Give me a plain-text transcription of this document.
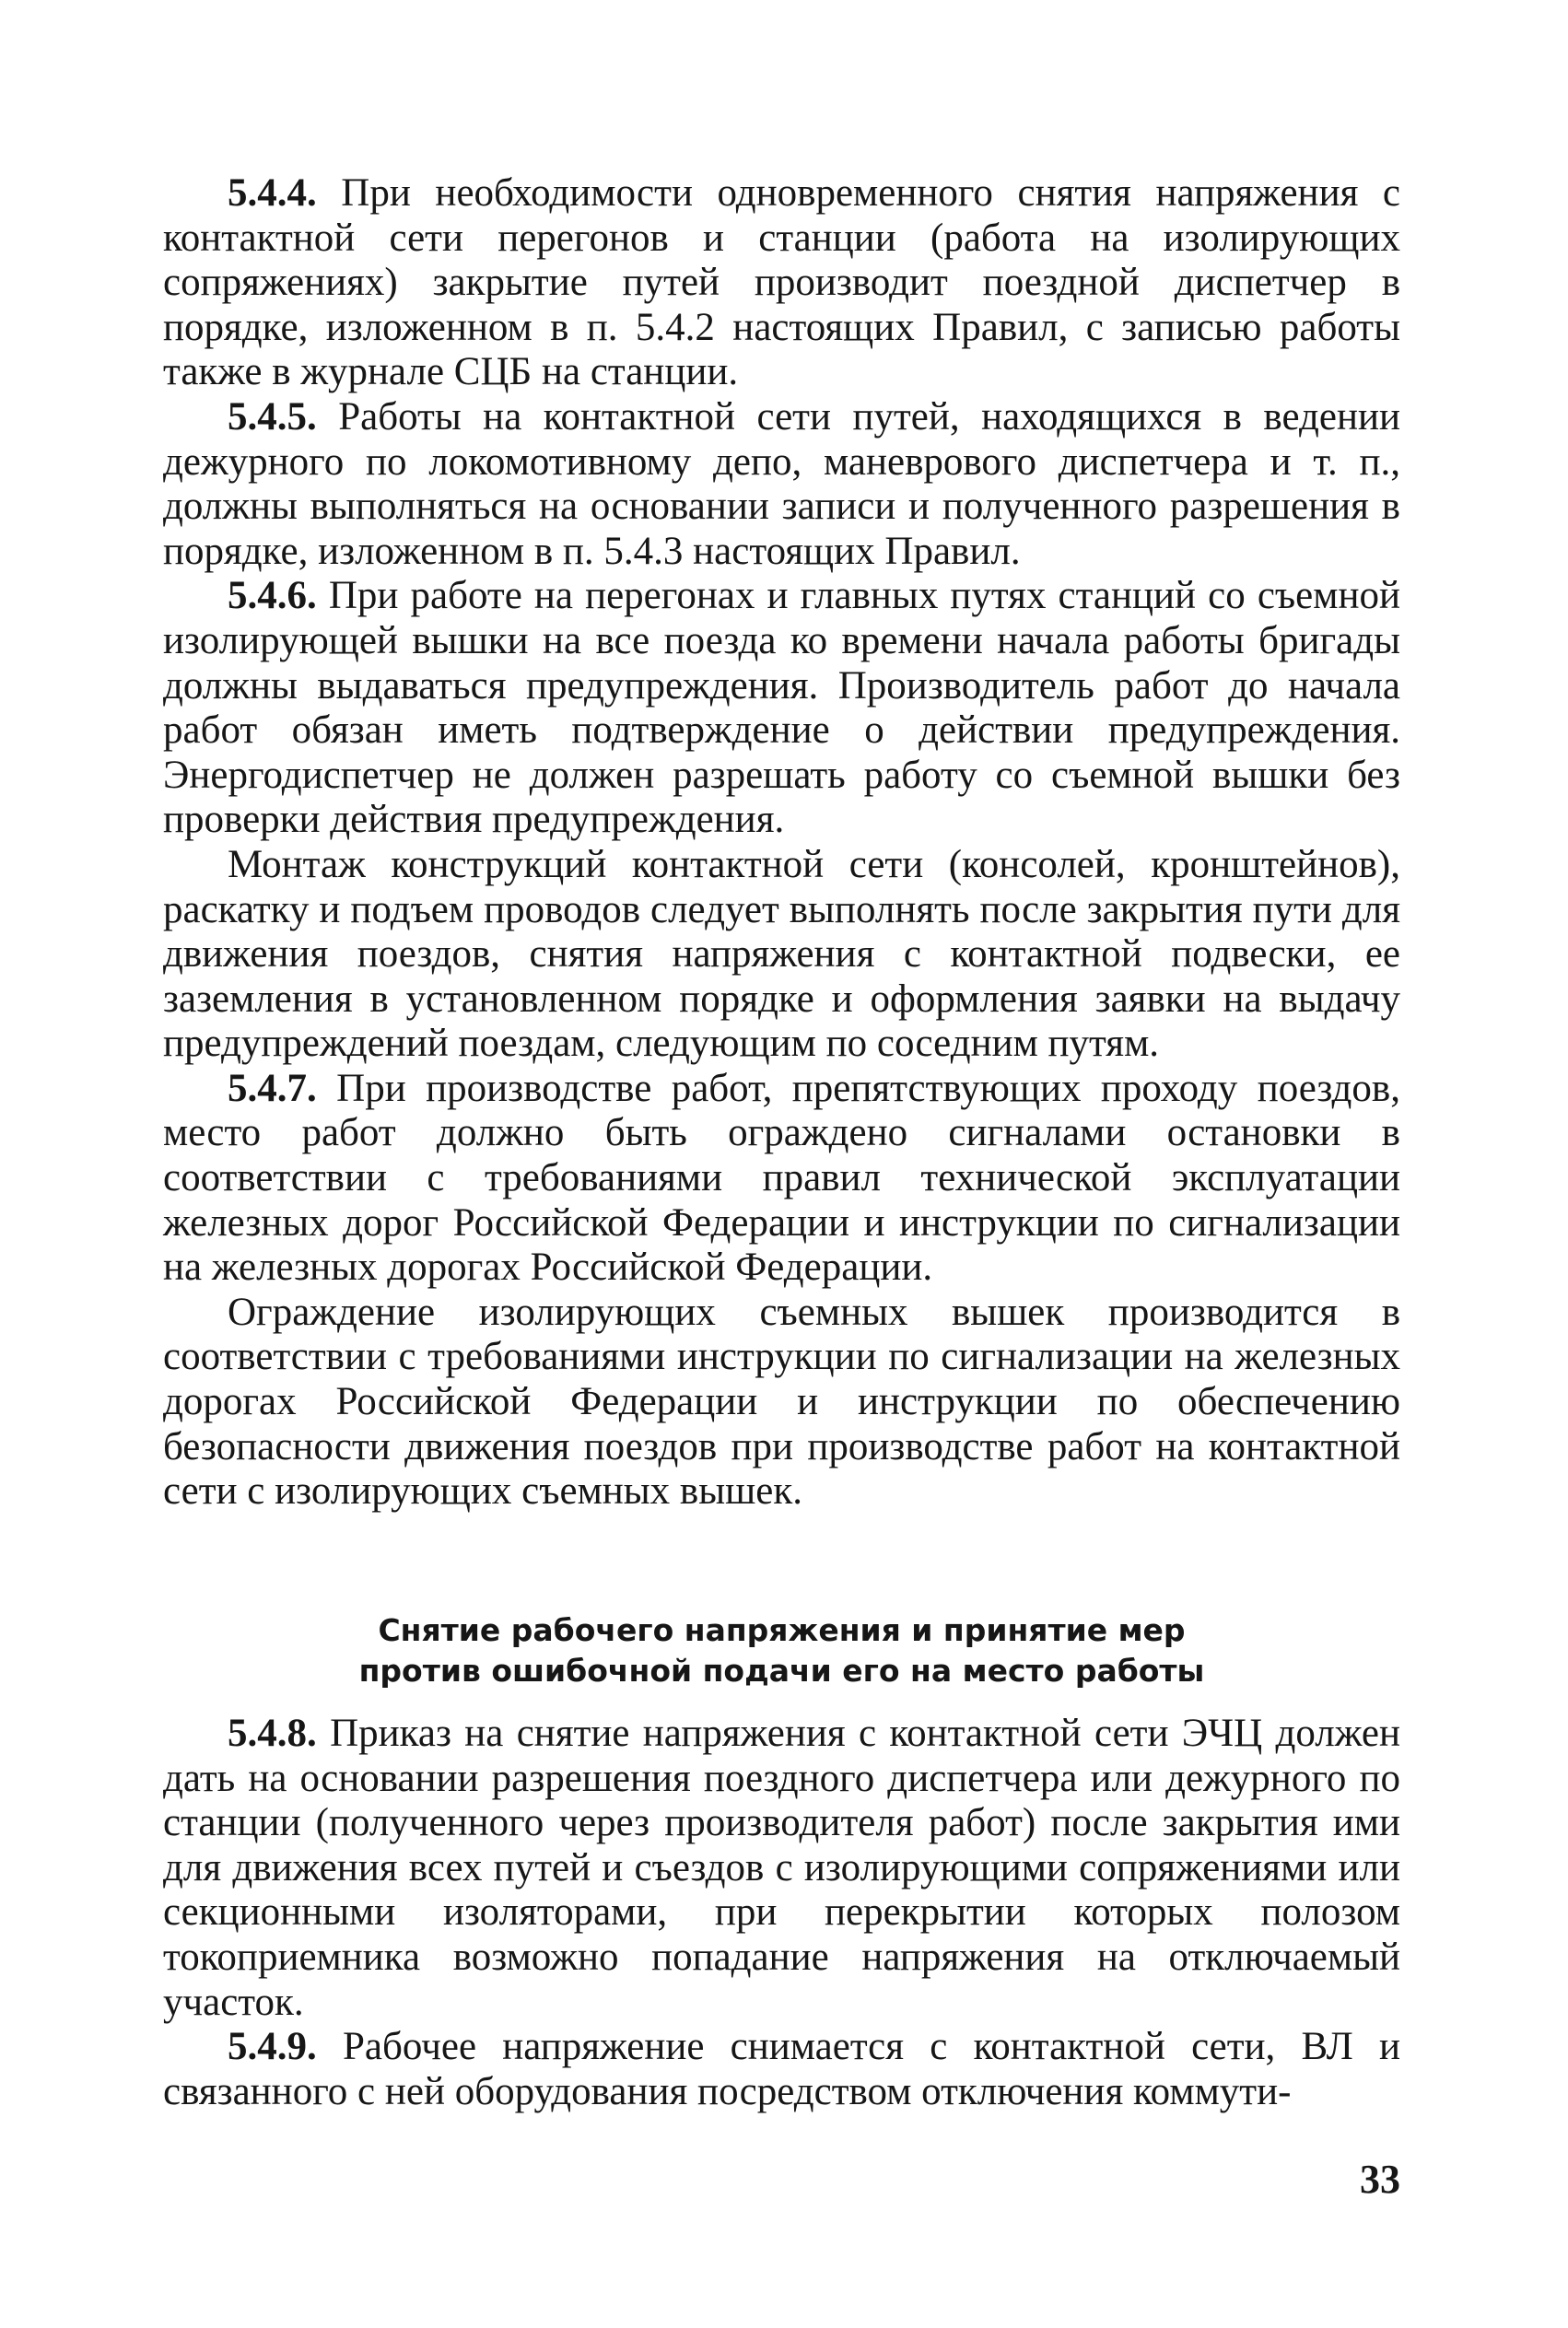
5.4.4. При необходимости одновременного снятия напряжения с контактной сети перегонов и станции (работа на изолирующих сопряжениях) закрытие путей производит поездной диспетчер в порядке, изложенном в п. 5.4.2 настоящих Правил, с записью работы также в журнале СЦБ на станции.

5.4.5. Работы на контактной сети путей, находящихся в ведении дежурного по локомотивному депо, маневрового диспетчера и т. п., должны выполняться на основании записи и полученного разрешения в порядке, изложенном в п. 5.4.3 настоящих Правил.

5.4.6. При работе на перегонах и главных путях станций со съемной изолирующей вышки на все поезда ко времени начала работы бригады должны выдаваться предупреждения. Производитель работ до начала работ обязан иметь подтверждение о действии предупреждения. Энергодиспетчер не должен разрешать работу со съемной вышки без проверки действия предупреждения.

Монтаж конструкций контактной сети (консолей, кронштейнов), раскатку и подъем проводов следует выполнять после закрытия пути для движения поездов, снятия напряжения с контактной подвески, ее заземления в установленном порядке и оформления заявки на выдачу предупреждений поездам, следующим по соседним путям.

5.4.7. При производстве работ, препятствующих проходу поездов, место работ должно быть ограждено сигналами остановки в соответствии с требованиями правил технической эксплуатации железных дорог Российской Федерации и инструкции по сигнализации на железных дорогах Российской Федерации.

Ограждение изолирующих съемных вышек производится в соответствии с требованиями инструкции по сигнализации на железных дорогах Российской Федерации и инструкции по обеспечению безопасности движения поездов при производстве работ на контактной сети с изолирующих съемных вышек.

Снятие рабочего напряжения и принятие мер
против ошибочной подачи его на место работы

5.4.8. Приказ на снятие напряжения с контактной сети ЭЧЦ должен дать на основании разрешения поездного диспетчера или дежурного по станции (полученного через производителя работ) после закрытия ими для движения всех путей и съездов с изолирующими сопряжениями или секционными изоляторами, при перекрытии которых полозом токоприемника возможно попадание напряжения на отключаемый участок.

5.4.9. Рабочее напряжение снимается с контактной сети, ВЛ и связанного с ней оборудования посредством отключения коммути-

33
